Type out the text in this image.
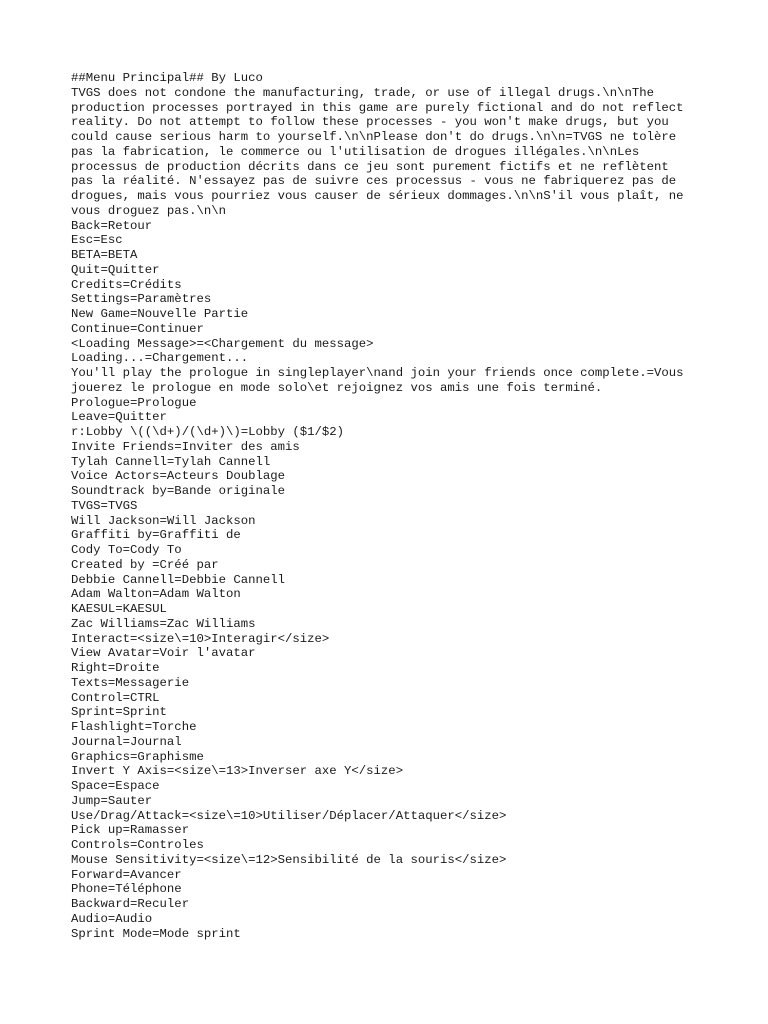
##Menu Principal## By Luco
TVGS does not condone the manufacturing, trade, or use of illegal drugs.\n\nThe
production processes portrayed in this game are purely fictional and do not reflect
reality. Do not attempt to follow these processes - you won't make drugs, but you
could cause serious harm to yourself.\n\nPlease don't do drugs.\n\n=TVGS ne tolère
pas la fabrication, le commerce ou l'utilisation de drogues illégales.\n\nLes
processus de production décrits dans ce jeu sont purement fictifs et ne reflètent
pas la réalité. N'essayez pas de suivre ces processus - vous ne fabriquerez pas de
drogues, mais vous pourriez vous causer de sérieux dommages.\n\nS'il vous plaît, ne
vous droguez pas.\n\n
Back=Retour
Esc=Esc
BETA=BETA
Quit=Quitter
Credits=Crédits
Settings=Paramètres
New Game=Nouvelle Partie
Continue=Continuer
<Loading Message>=<Chargement du message>
Loading...=Chargement...
You'll play the prologue in singleplayer\nand join your friends once complete.=Vous
jouerez le prologue en mode solo\et rejoignez vos amis une fois terminé.
Prologue=Prologue
Leave=Quitter
r:Lobby \((\d+)/(\d+)\)=Lobby ($1/$2)
Invite Friends=Inviter des amis
Tylah Cannell=Tylah Cannell
Voice Actors=Acteurs Doublage
Soundtrack by=Bande originale
TVGS=TVGS
Will Jackson=Will Jackson
Graffiti by=Graffiti de
Cody To=Cody To
Created by =Créé par
Debbie Cannell=Debbie Cannell
Adam Walton=Adam Walton
KAESUL=KAESUL
Zac Williams=Zac Williams
Interact=<size\=10>Interagir</size>
View Avatar=Voir l'avatar
Right=Droite
Texts=Messagerie
Control=CTRL
Sprint=Sprint
Flashlight=Torche
Journal=Journal
Graphics=Graphisme
Invert Y Axis=<size\=13>Inverser axe Y</size>
Space=Espace
Jump=Sauter
Use/Drag/Attack=<size\=10>Utiliser/Déplacer/Attaquer</size>
Pick up=Ramasser
Controls=Controles
Mouse Sensitivity=<size\=12>Sensibilité de la souris</size>
Forward=Avancer
Phone=Téléphone
Backward=Reculer
Audio=Audio
Sprint Mode=Mode sprint
